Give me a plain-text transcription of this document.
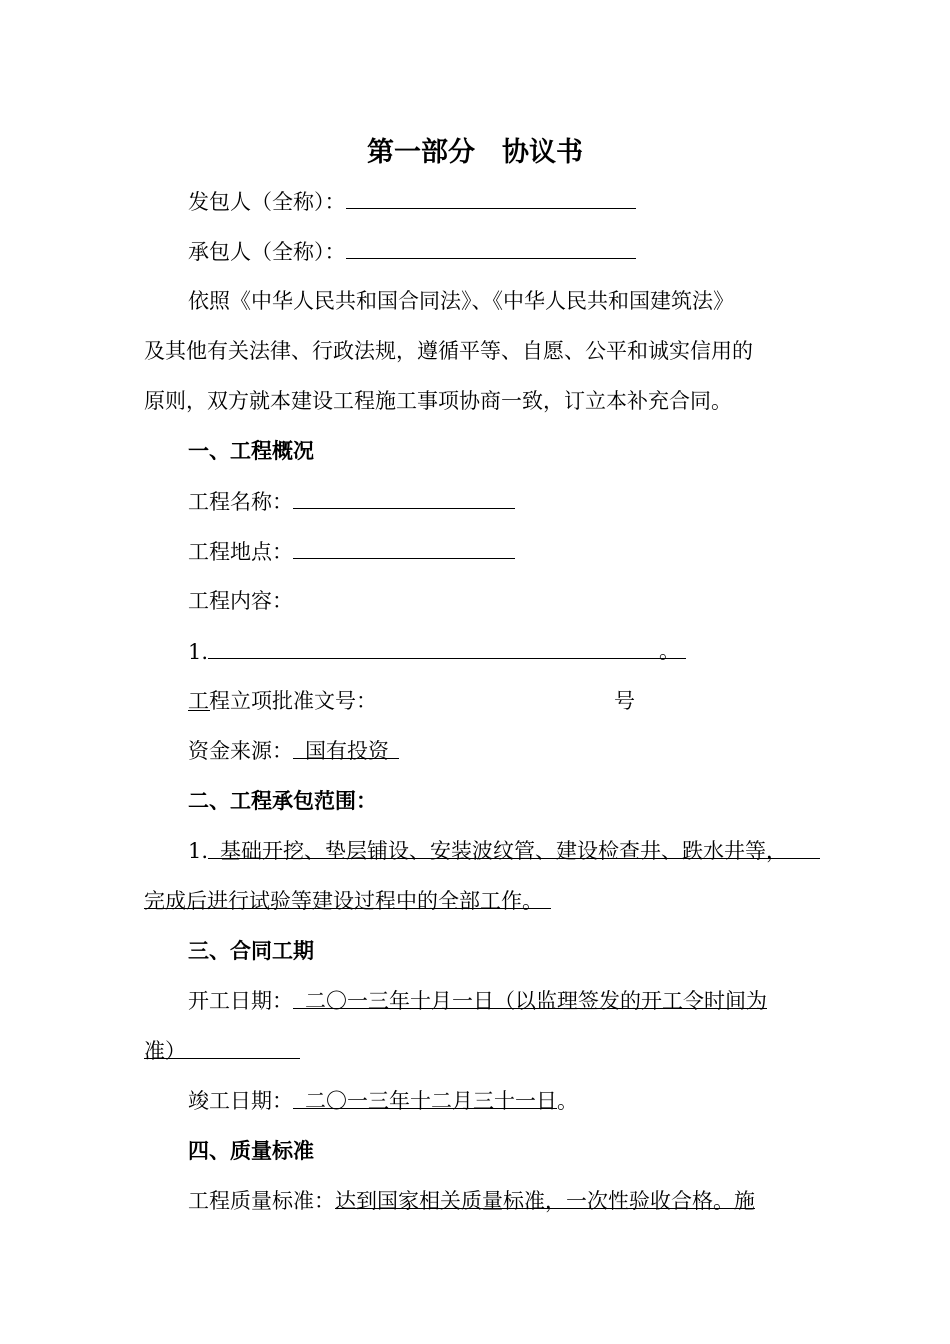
第一部分　协议书
发包人（全称）：
承包人（全称）：
依照《中华人民共和国合同法》、《中华人民共和国建筑法》
及其他有关法律、行政法规，遵循平等、自愿、公平和诚实信用的
原则，双方就本建设工程施工事项协商一致，订立本补充合同。
一、工程概况
工程名称：
工程地点：
工程内容：
1.	。
工程立项批准文号：	号
资金来源： 国有投资
二、工程承包范围：
1. 基础开挖、垫层铺设、安装波纹管、建设检查井、跌水井等，
完成后进行试验等建设过程中的全部工作。
三、合同工期
开工日期： 二〇一三年十月一日（以监理签发的开工令时间为
准）
竣工日期： 二〇一三年十二月三十一日。
四、质量标准
工程质量标准：达到国家相关质量标准，一次性验收合格。施
